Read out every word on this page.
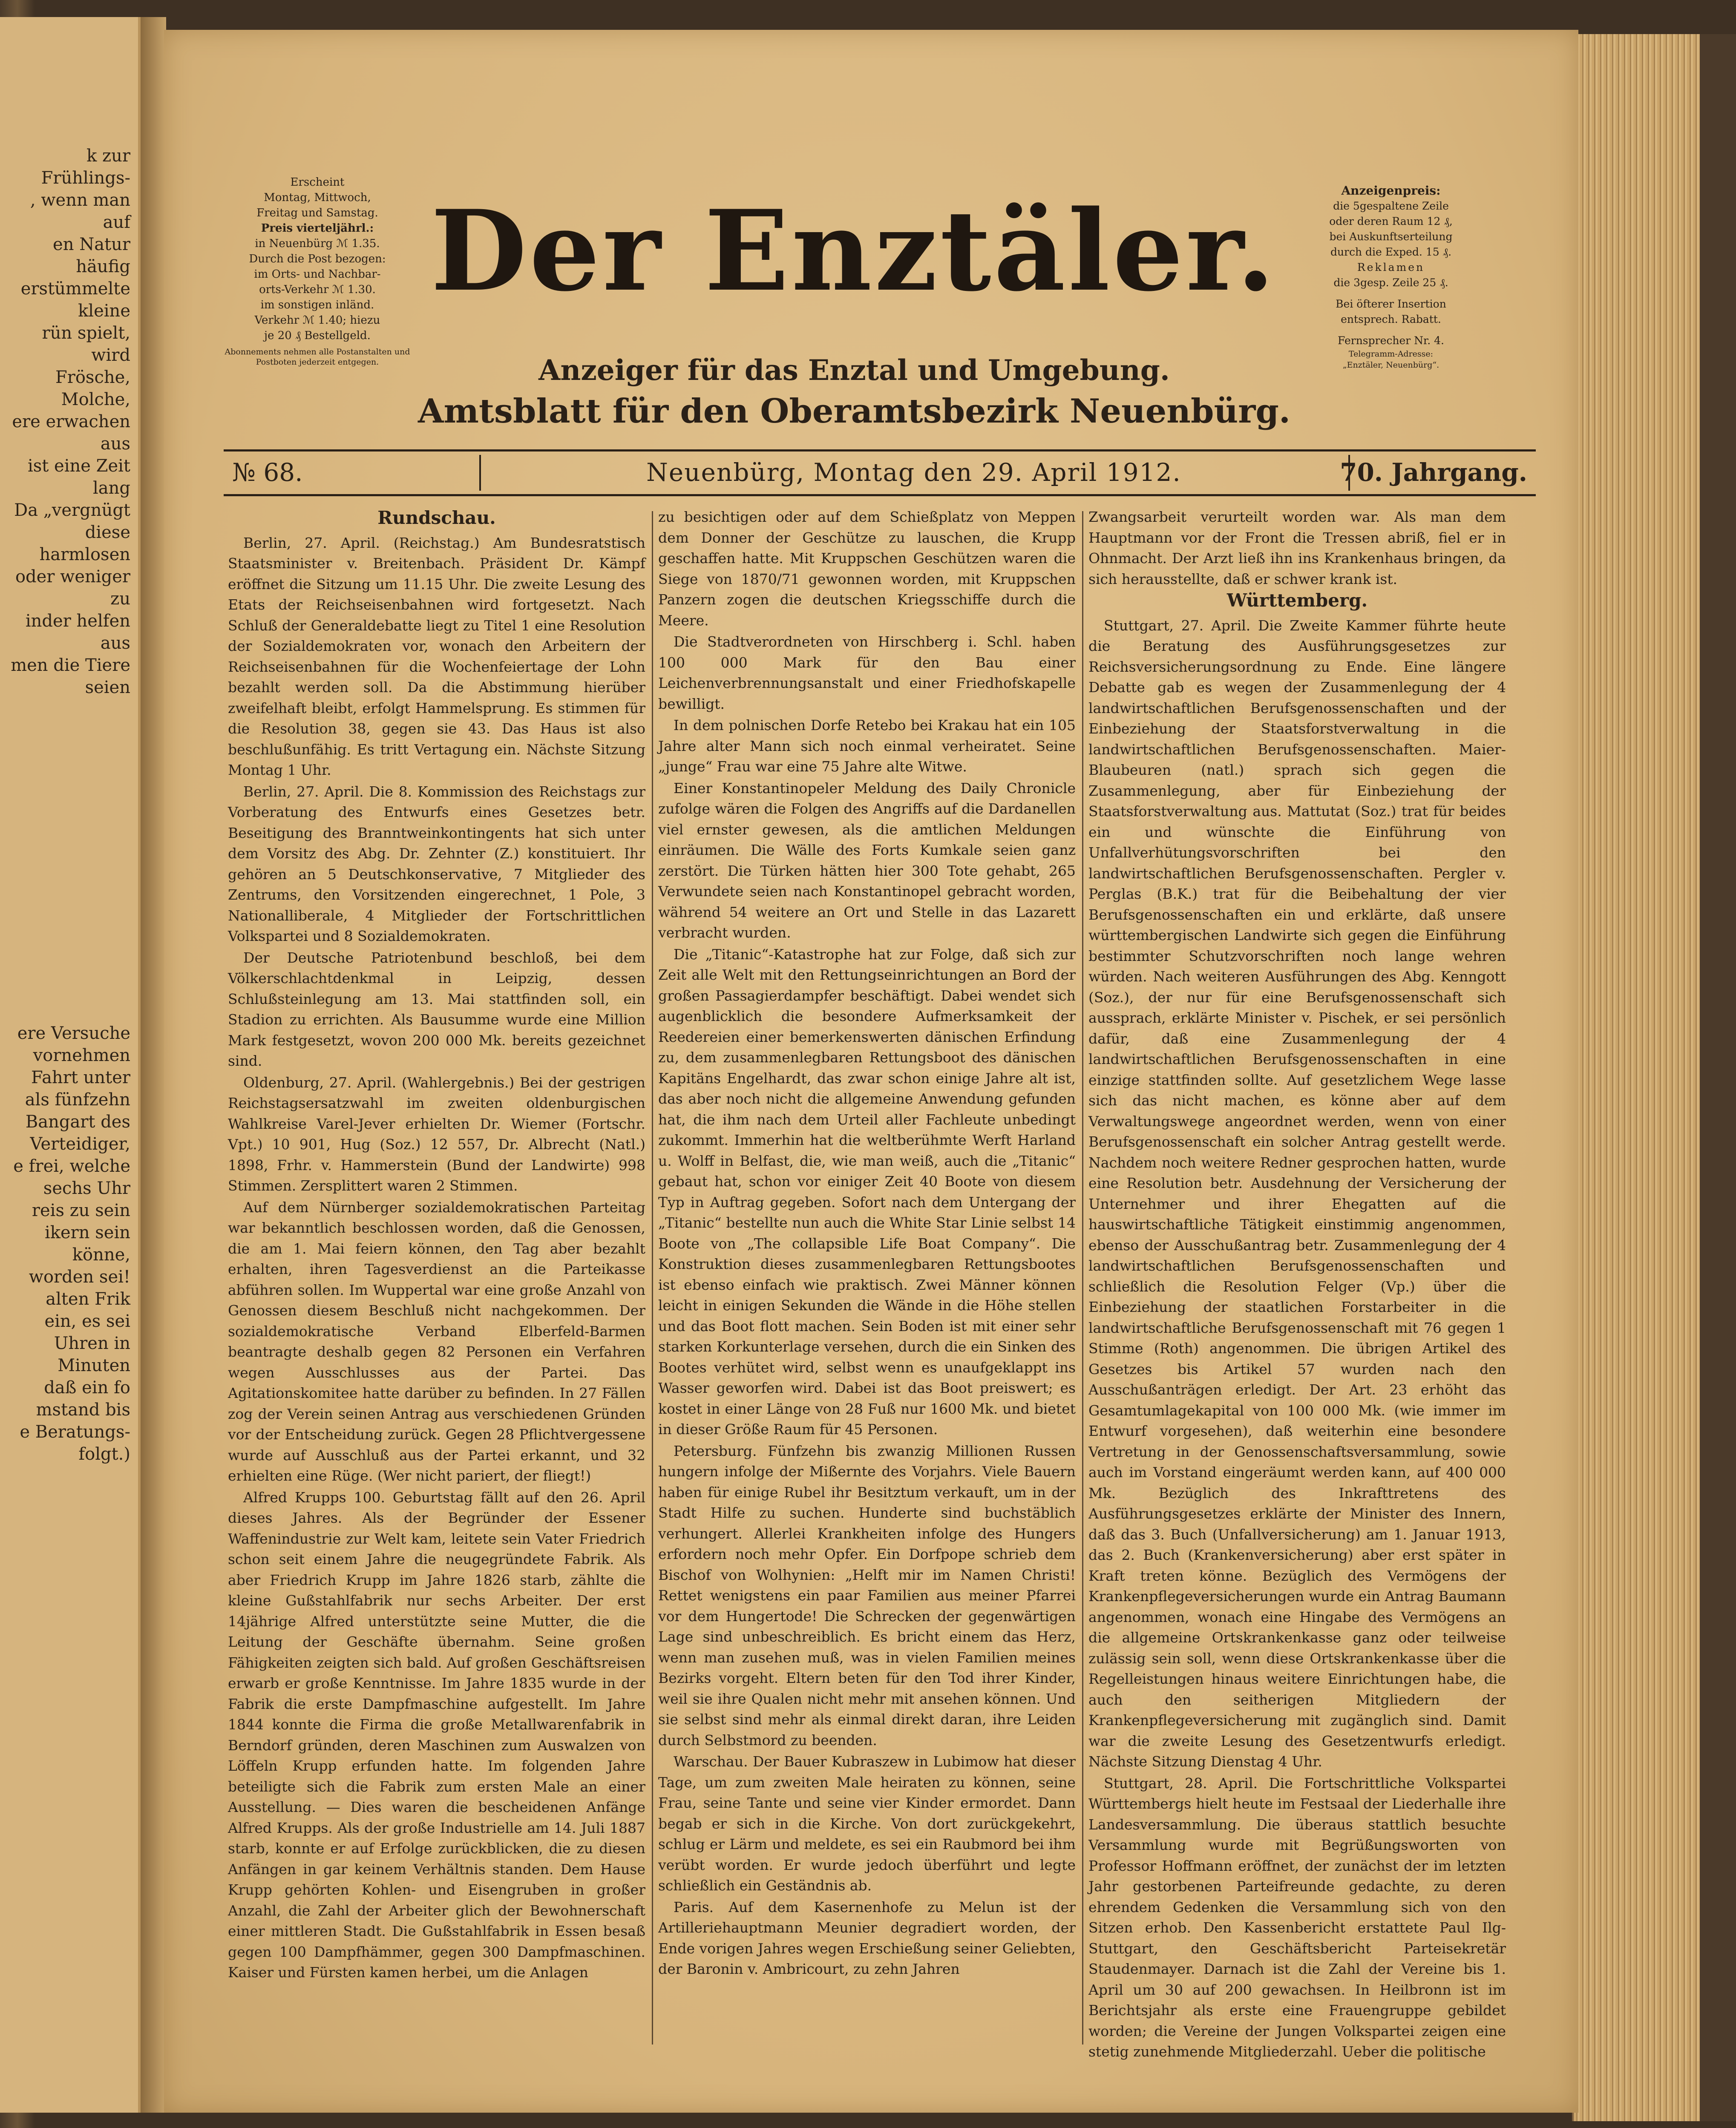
k zur Frühlings-
, wenn man auf
en Natur häufig
erstümmelte kleine
rün spielt, wird
Frösche, Molche,
ere erwachen aus
ist eine Zeit lang
Da „vergnügt
diese harmlosen
oder weniger zu
inder helfen aus
men die Tiere seien
ere Versuche
vornehmen
Fahrt unter
als fünfzehn
Bangart des
Verteidiger,
e frei, welche
sechs Uhr
reis zu sein
ikern sein könne,
worden sei!
alten Frik
ein, es sei
Uhren in
Minuten
daß ein fo
mstand bis
e Beratungs-
folgt.)
Erscheint
Montag, Mittwoch,
Freitag und Samstag.
Preis vierteljährl.:
in Neuenbürg ℳ 1.35.
Durch die Post bezogen:
im Orts- und Nachbar-
orts-Verkehr ℳ 1.30.
im sonstigen inländ.
Verkehr ℳ 1.40; hiezu
je 20 ₰ Bestellgeld.
Abonnements nehmen alle Postanstalten und Postboten jederzeit entgegen.
Der Enztäler.
Anzeiger für das Enztal und Umgebung.
Amtsblatt für den Oberamtsbezirk Neuenbürg.
Anzeigenpreis:
die 5gespaltene Zeile
oder deren Raum 12 ₰,
bei Auskunftserteilung
durch die Exped. 15 ₰.
Reklamen
die 3gesp. Zeile 25 ₰.
Bei öfterer Insertion
entsprech. Rabatt.
Fernsprecher Nr. 4.
Telegramm-Adresse:
„Enztäler, Neuenbürg“.
№ 68.	Neuenbürg, Montag den 29. April 1912.	70. Jahrgang.
Rundschau.

Berlin, 27. April. (Reichstag.) Am Bundesratstisch Staatsminister v. Breitenbach. Präsident Dr. Kämpf eröffnet die Sitzung um 11.15 Uhr. Die zweite Lesung des Etats der Reichseisenbahnen wird fortgesetzt. Nach Schluß der Generaldebatte liegt zu Titel 1 eine Resolution der Sozialdemokraten vor, wonach den Arbeitern der Reichseisenbahnen für die Wochenfeiertage der Lohn bezahlt werden soll. Da die Abstimmung hierüber zweifelhaft bleibt, erfolgt Hammelsprung. Es stimmen für die Resolution 38, gegen sie 43. Das Haus ist also beschlußunfähig. Es tritt Vertagung ein. Nächste Sitzung Montag 1 Uhr.

Berlin, 27. April. Die 8. Kommission des Reichstags zur Vorberatung des Entwurfs eines Gesetzes betr. Beseitigung des Branntweinkontingents hat sich unter dem Vorsitz des Abg. Dr. Zehnter (Z.) konstituiert. Ihr gehören an 5 Deutschkonservative, 7 Mitglieder des Zentrums, den Vorsitzenden eingerechnet, 1 Pole, 3 Nationalliberale, 4 Mitglieder der Fortschrittlichen Volkspartei und 8 Sozialdemokraten.

Der Deutsche Patriotenbund beschloß, bei dem Völkerschlachtdenkmal in Leipzig, dessen Schlußsteinlegung am 13. Mai stattfinden soll, ein Stadion zu errichten. Als Bausumme wurde eine Million Mark festgesetzt, wovon 200 000 Mk. bereits gezeichnet sind.

Oldenburg, 27. April. (Wahlergebnis.) Bei der gestrigen Reichstagsersatzwahl im zweiten oldenburgischen Wahlkreise Varel-Jever erhielten Dr. Wiemer (Fortschr. Vpt.) 10 901, Hug (Soz.) 12 557, Dr. Albrecht (Natl.) 1898, Frhr. v. Hammerstein (Bund der Landwirte) 998 Stimmen. Zersplittert waren 2 Stimmen.

Auf dem Nürnberger sozialdemokratischen Parteitag war bekanntlich beschlossen worden, daß die Genossen, die am 1. Mai feiern können, den Tag aber bezahlt erhalten, ihren Tagesverdienst an die Parteikasse abführen sollen. Im Wuppertal war eine große Anzahl von Genossen diesem Beschluß nicht nachgekommen. Der sozialdemokratische Verband Elberfeld-Barmen beantragte deshalb gegen 82 Personen ein Verfahren wegen Ausschlusses aus der Partei. Das Agitationskomitee hatte darüber zu befinden. In 27 Fällen zog der Verein seinen Antrag aus verschiedenen Gründen vor der Entscheidung zurück. Gegen 28 Pflichtvergessene wurde auf Ausschluß aus der Partei erkannt, und 32 erhielten eine Rüge. (Wer nicht pariert, der fliegt!)

Alfred Krupps 100. Geburtstag fällt auf den 26. April dieses Jahres. Als der Begründer der Essener Waffenindustrie zur Welt kam, leitete sein Vater Friedrich schon seit einem Jahre die neugegründete Fabrik. Als aber Friedrich Krupp im Jahre 1826 starb, zählte die kleine Gußstahlfabrik nur sechs Arbeiter. Der erst 14jährige Alfred unterstützte seine Mutter, die die Leitung der Geschäfte übernahm. Seine großen Fähigkeiten zeigten sich bald. Auf großen Geschäftsreisen erwarb er große Kenntnisse. Im Jahre 1835 wurde in der Fabrik die erste Dampfmaschine aufgestellt. Im Jahre 1844 konnte die Firma die große Metallwarenfabrik in Berndorf gründen, deren Maschinen zum Auswalzen von Löffeln Krupp erfunden hatte. Im folgenden Jahre beteiligte sich die Fabrik zum ersten Male an einer Ausstellung. — Dies waren die bescheidenen Anfänge Alfred Krupps. Als der große Industrielle am 14. Juli 1887 starb, konnte er auf Erfolge zurückblicken, die zu diesen Anfängen in gar keinem Verhältnis standen. Dem Hause Krupp gehörten Kohlen- und Eisengruben in großer Anzahl, die Zahl der Arbeiter glich der Bewohnerschaft einer mittleren Stadt. Die Gußstahlfabrik in Essen besaß gegen 100 Dampfhämmer, gegen 300 Dampfmaschinen. Kaiser und Fürsten kamen herbei, um die Anlagen

zu besichtigen oder auf dem Schießplatz von Meppen dem Donner der Geschütze zu lauschen, die Krupp geschaffen hatte. Mit Kruppschen Geschützen waren die Siege von 1870/71 gewonnen worden, mit Kruppschen Panzern zogen die deutschen Kriegsschiffe durch die Meere.

Die Stadtverordneten von Hirschberg i. Schl. haben 100 000 Mark für den Bau einer Leichenverbrennungsanstalt und einer Friedhofskapelle bewilligt.

In dem polnischen Dorfe Retebo bei Krakau hat ein 105 Jahre alter Mann sich noch einmal verheiratet. Seine „junge“ Frau war eine 75 Jahre alte Witwe.

Einer Konstantinopeler Meldung des Daily Chronicle zufolge wären die Folgen des Angriffs auf die Dardanellen viel ernster gewesen, als die amtlichen Meldungen einräumen. Die Wälle des Forts Kumkale seien ganz zerstört. Die Türken hätten hier 300 Tote gehabt, 265 Verwundete seien nach Konstantinopel gebracht worden, während 54 weitere an Ort und Stelle in das Lazarett verbracht wurden.

Die „Titanic“-Katastrophe hat zur Folge, daß sich zur Zeit alle Welt mit den Rettungseinrichtungen an Bord der großen Passagierdampfer beschäftigt. Dabei wendet sich augenblicklich die besondere Aufmerksamkeit der Reedereien einer bemerkenswerten dänischen Erfindung zu, dem zusammenlegbaren Rettungsboot des dänischen Kapitäns Engelhardt, das zwar schon einige Jahre alt ist, das aber noch nicht die allgemeine Anwendung gefunden hat, die ihm nach dem Urteil aller Fachleute unbedingt zukommt. Immerhin hat die weltberühmte Werft Harland u. Wolff in Belfast, die, wie man weiß, auch die „Titanic“ gebaut hat, schon vor einiger Zeit 40 Boote von diesem Typ in Auftrag gegeben. Sofort nach dem Untergang der „Titanic“ bestellte nun auch die White Star Linie selbst 14 Boote von „The collapsible Life Boat Company“. Die Konstruktion dieses zusammenlegbaren Rettungsbootes ist ebenso einfach wie praktisch. Zwei Männer können leicht in einigen Sekunden die Wände in die Höhe stellen und das Boot flott machen. Sein Boden ist mit einer sehr starken Korkunterlage versehen, durch die ein Sinken des Bootes verhütet wird, selbst wenn es unaufgeklappt ins Wasser geworfen wird. Dabei ist das Boot preiswert; es kostet in einer Länge von 28 Fuß nur 1600 Mk. und bietet in dieser Größe Raum für 45 Personen.

Petersburg. Fünfzehn bis zwanzig Millionen Russen hungern infolge der Mißernte des Vorjahrs. Viele Bauern haben für einige Rubel ihr Besitztum verkauft, um in der Stadt Hilfe zu suchen. Hunderte sind buchstäblich verhungert. Allerlei Krankheiten infolge des Hungers erfordern noch mehr Opfer. Ein Dorfpope schrieb dem Bischof von Wolhynien: „Helft mir im Namen Christi! Rettet wenigstens ein paar Familien aus meiner Pfarrei vor dem Hungertode! Die Schrecken der gegenwärtigen Lage sind unbeschreiblich. Es bricht einem das Herz, wenn man zusehen muß, was in vielen Familien meines Bezirks vorgeht. Eltern beten für den Tod ihrer Kinder, weil sie ihre Qualen nicht mehr mit ansehen können. Und sie selbst sind mehr als einmal direkt daran, ihre Leiden durch Selbstmord zu beenden.

Warschau. Der Bauer Kubraszew in Lubimow hat dieser Tage, um zum zweiten Male heiraten zu können, seine Frau, seine Tante und seine vier Kinder ermordet. Dann begab er sich in die Kirche. Von dort zurückgekehrt, schlug er Lärm und meldete, es sei ein Raubmord bei ihm verübt worden. Er wurde jedoch überführt und legte schließlich ein Geständnis ab.

Paris. Auf dem Kasernenhofe zu Melun ist der Artilleriehauptmann Meunier degradiert worden, der Ende vorigen Jahres wegen Erschießung seiner Geliebten, der Baronin v. Ambricourt, zu zehn Jahren

Zwangsarbeit verurteilt worden war. Als man dem Hauptmann vor der Front die Tressen abriß, fiel er in Ohnmacht. Der Arzt ließ ihn ins Krankenhaus bringen, da sich herausstellte, daß er schwer krank ist.

Württemberg.

Stuttgart, 27. April. Die Zweite Kammer führte heute die Beratung des Ausführungsgesetzes zur Reichsversicherungsordnung zu Ende. Eine längere Debatte gab es wegen der Zusammenlegung der 4 landwirtschaftlichen Berufsgenossenschaften und der Einbeziehung der Staatsforstverwaltung in die landwirtschaftlichen Berufsgenossenschaften. Maier-Blaubeuren (natl.) sprach sich gegen die Zusammenlegung, aber für Einbeziehung der Staatsforstverwaltung aus. Mattutat (Soz.) trat für beides ein und wünschte die Einführung von Unfallverhütungsvorschriften bei den landwirtschaftlichen Berufsgenossenschaften. Pergler v. Perglas (B.K.) trat für die Beibehaltung der vier Berufsgenossenschaften ein und erklärte, daß unsere württembergischen Landwirte sich gegen die Einführung bestimmter Schutzvorschriften noch lange wehren würden. Nach weiteren Ausführungen des Abg. Kenngott (Soz.), der nur für eine Berufsgenossenschaft sich aussprach, erklärte Minister v. Pischek, er sei persönlich dafür, daß eine Zusammenlegung der 4 landwirtschaftlichen Berufsgenossenschaften in eine einzige stattfinden sollte. Auf gesetzlichem Wege lasse sich das nicht machen, es könne aber auf dem Verwaltungswege angeordnet werden, wenn von einer Berufsgenossenschaft ein solcher Antrag gestellt werde. Nachdem noch weitere Redner gesprochen hatten, wurde eine Resolution betr. Ausdehnung der Versicherung der Unternehmer und ihrer Ehegatten auf die hauswirtschaftliche Tätigkeit einstimmig angenommen, ebenso der Ausschußantrag betr. Zusammenlegung der 4 landwirtschaftlichen Berufsgenossenschaften und schließlich die Resolution Felger (Vp.) über die Einbeziehung der staatlichen Forstarbeiter in die landwirtschaftliche Berufsgenossenschaft mit 76 gegen 1 Stimme (Roth) angenommen. Die übrigen Artikel des Gesetzes bis Artikel 57 wurden nach den Ausschußanträgen erledigt. Der Art. 23 erhöht das Gesamtumlagekapital von 100 000 Mk. (wie immer im Entwurf vorgesehen), daß weiterhin eine besondere Vertretung in der Genossenschaftsversammlung, sowie auch im Vorstand eingeräumt werden kann, auf 400 000 Mk. Bezüglich des Inkrafttretens des Ausführungsgesetzes erklärte der Minister des Innern, daß das 3. Buch (Unfallversicherung) am 1. Januar 1913, das 2. Buch (Krankenversicherung) aber erst später in Kraft treten könne. Bezüglich des Vermögens der Krankenpflegeversicherungen wurde ein Antrag Baumann angenommen, wonach eine Hingabe des Vermögens an die allgemeine Ortskrankenkasse ganz oder teilweise zulässig sein soll, wenn diese Ortskrankenkasse über die Regelleistungen hinaus weitere Einrichtungen habe, die auch den seitherigen Mitgliedern der Krankenpflegeversicherung mit zugänglich sind. Damit war die zweite Lesung des Gesetzentwurfs erledigt. Nächste Sitzung Dienstag 4 Uhr.

Stuttgart, 28. April. Die Fortschrittliche Volkspartei Württembergs hielt heute im Festsaal der Liederhalle ihre Landesversammlung. Die überaus stattlich besuchte Versammlung wurde mit Begrüßungsworten von Professor Hoffmann eröffnet, der zunächst der im letzten Jahr gestorbenen Parteifreunde gedachte, zu deren ehrendem Gedenken die Versammlung sich von den Sitzen erhob. Den Kassenbericht erstattete Paul Ilg-Stuttgart, den Geschäftsbericht Parteisekretär Staudenmayer. Darnach ist die Zahl der Vereine bis 1. April um 30 auf 200 gewachsen. In Heilbronn ist im Berichtsjahr als erste eine Frauengruppe gebildet worden; die Vereine der Jungen Volkspartei zeigen eine stetig zunehmende Mitgliederzahl. Ueber die politische
